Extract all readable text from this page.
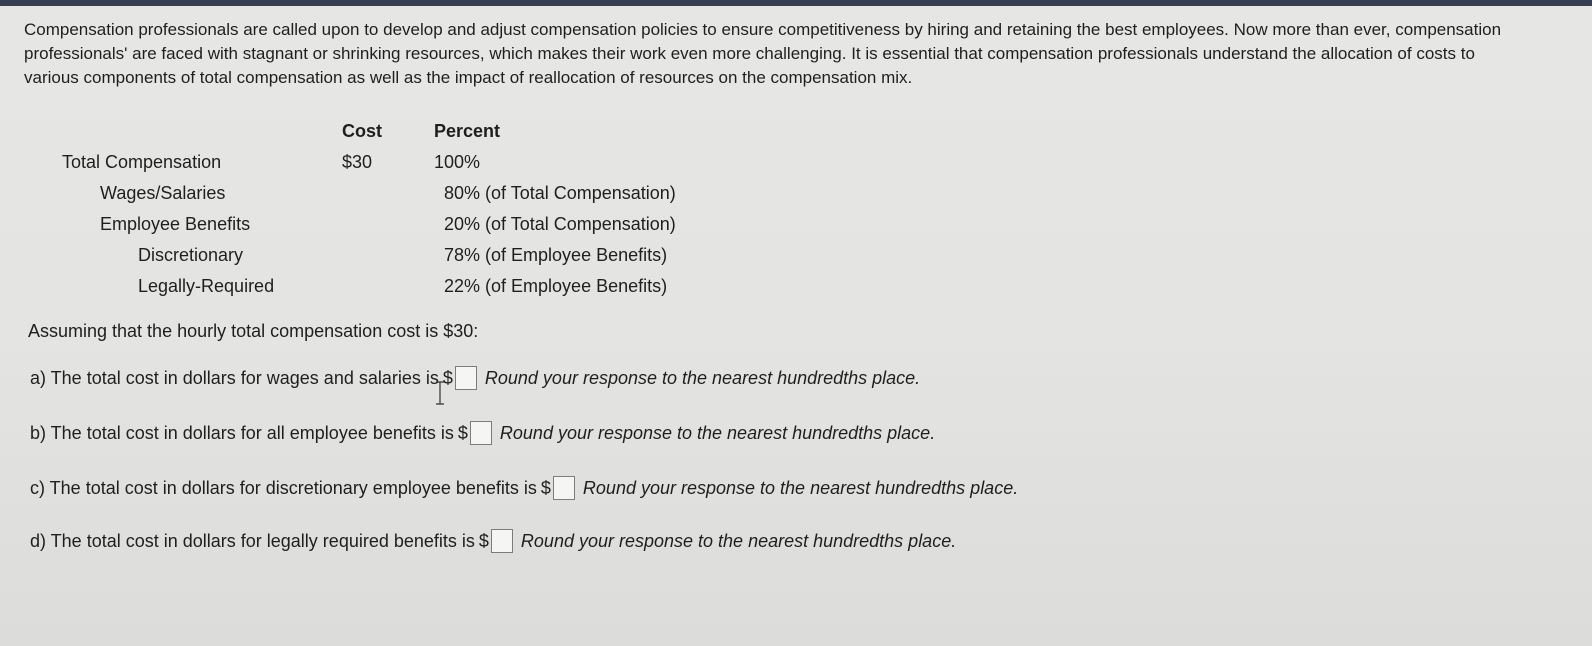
Compensation professionals are called upon to develop and adjust compensation policies to ensure competitiveness by hiring and retaining the best employees. Now more than ever, compensation professionals' are faced with stagnant or shrinking resources, which makes their work even more challenging. It is essential that compensation professionals understand the allocation of costs to various components of total compensation as well as the impact of reallocation of resources on the compensation mix.

	Cost	Percent
Total Compensation	$30	100%
Wages/Salaries		80% (of Total Compensation)
Employee Benefits		20% (of Total Compensation)
Discretionary		78% (of Employee Benefits)
Legally-Required		22% (of Employee Benefits)

Assuming that the hourly total compensation cost is $30:

a) The total cost in dollars for wages and salaries is $ Round your response to the nearest hundredths place.
b) The total cost in dollars for all employee benefits is $ Round your response to the nearest hundredths place.
c) The total cost in dollars for discretionary employee benefits is $ Round your response to the nearest hundredths place.
d) The total cost in dollars for legally required benefits is $ Round your response to the nearest hundredths place.
